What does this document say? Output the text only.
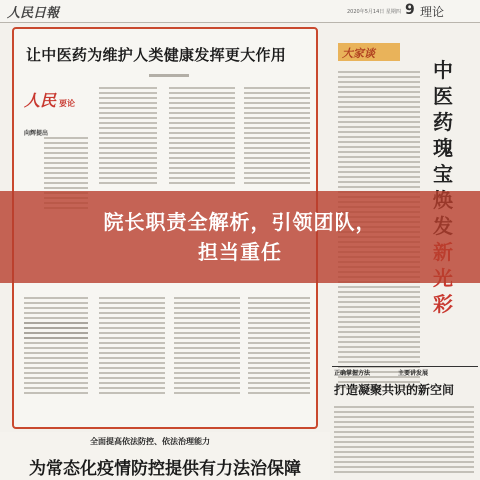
人民日報	2020年5月14日 星期四 9 理论
让中医药为维护人类健康发挥更大作用
人民 要论
向辉提出
大家谈
中
医
药
瑰
宝
彩
正确掌握方法	主要讲发展
打造凝聚共识的新空间
全面提高依法防控、依法治理能力
为常态化疫情防控提供有力法治保障
院长职责全解析，引领团队，
担当重任
